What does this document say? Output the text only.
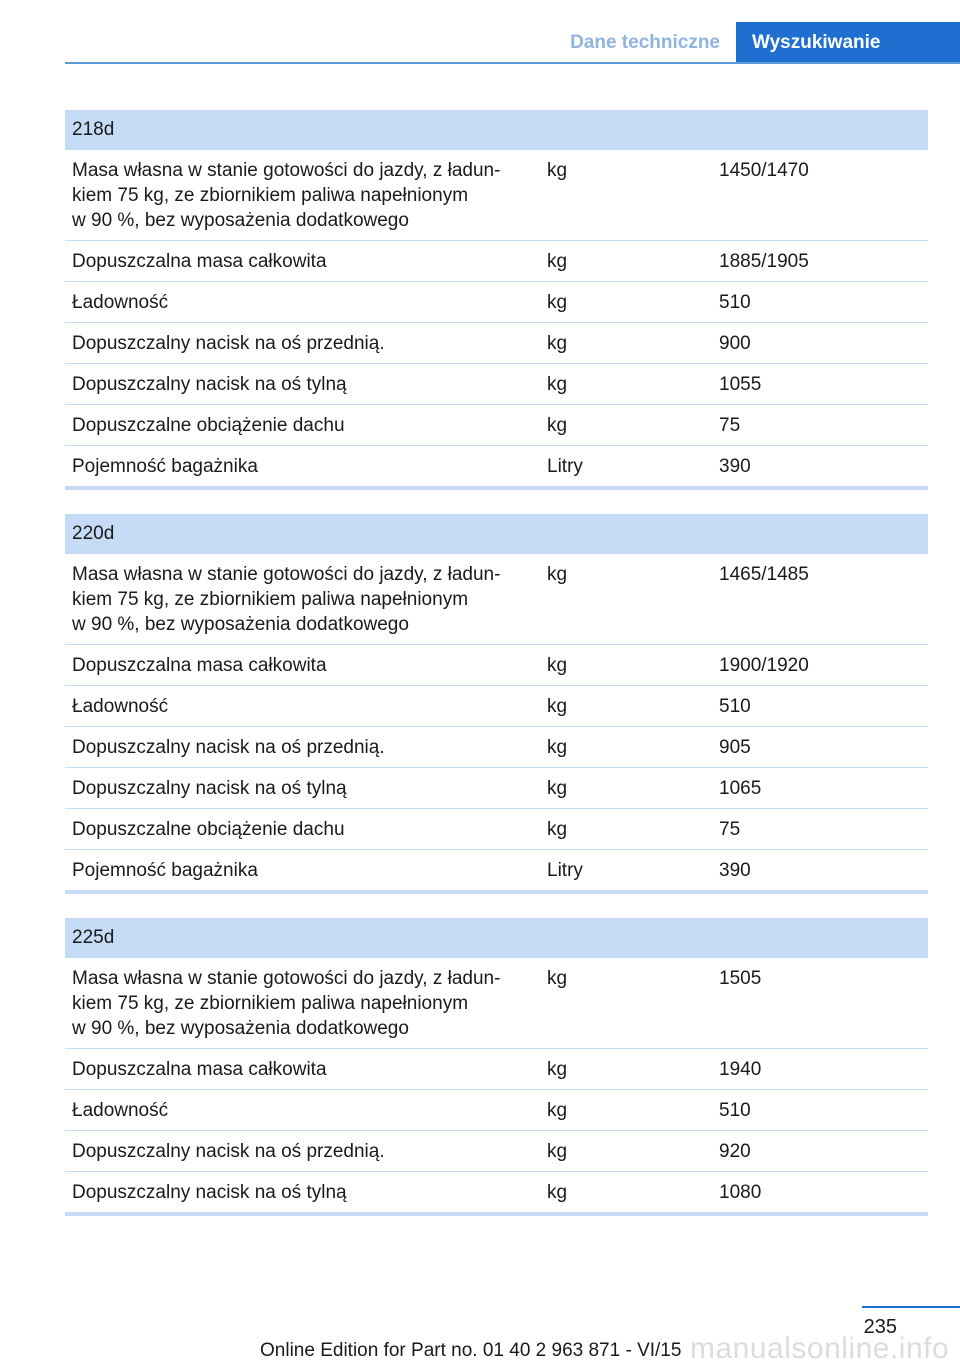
Dane techniczne	Wyszukiwanie
218d		
Masa własna w stanie gotowości do jazdy, z ładun-
kiem 75 kg, ze zbiornikiem paliwa napełnionym
w 90 %, bez wyposażenia dodatkowego	kg	1450/1470
Dopuszczalna masa całkowita	kg	1885/1905
Ładowność	kg	510
Dopuszczalny nacisk na oś przednią.	kg	900
Dopuszczalny nacisk na oś tylną	kg	1055
Dopuszczalne obciążenie dachu	kg	75
Pojemność bagażnika	Litry	390
220d		
Masa własna w stanie gotowości do jazdy, z ładun-
kiem 75 kg, ze zbiornikiem paliwa napełnionym
w 90 %, bez wyposażenia dodatkowego	kg	1465/1485
Dopuszczalna masa całkowita	kg	1900/1920
Ładowność	kg	510
Dopuszczalny nacisk na oś przednią.	kg	905
Dopuszczalny nacisk na oś tylną	kg	1065
Dopuszczalne obciążenie dachu	kg	75
Pojemność bagażnika	Litry	390
225d		
Masa własna w stanie gotowości do jazdy, z ładun-
kiem 75 kg, ze zbiornikiem paliwa napełnionym
w 90 %, bez wyposażenia dodatkowego	kg	1505
Dopuszczalna masa całkowita	kg	1940
Ładowność	kg	510
Dopuszczalny nacisk na oś przednią.	kg	920
Dopuszczalny nacisk na oś tylną	kg	1080
235
Online Edition for Part no. 01 40 2 963 871 - VI/15 manualsonline.info
